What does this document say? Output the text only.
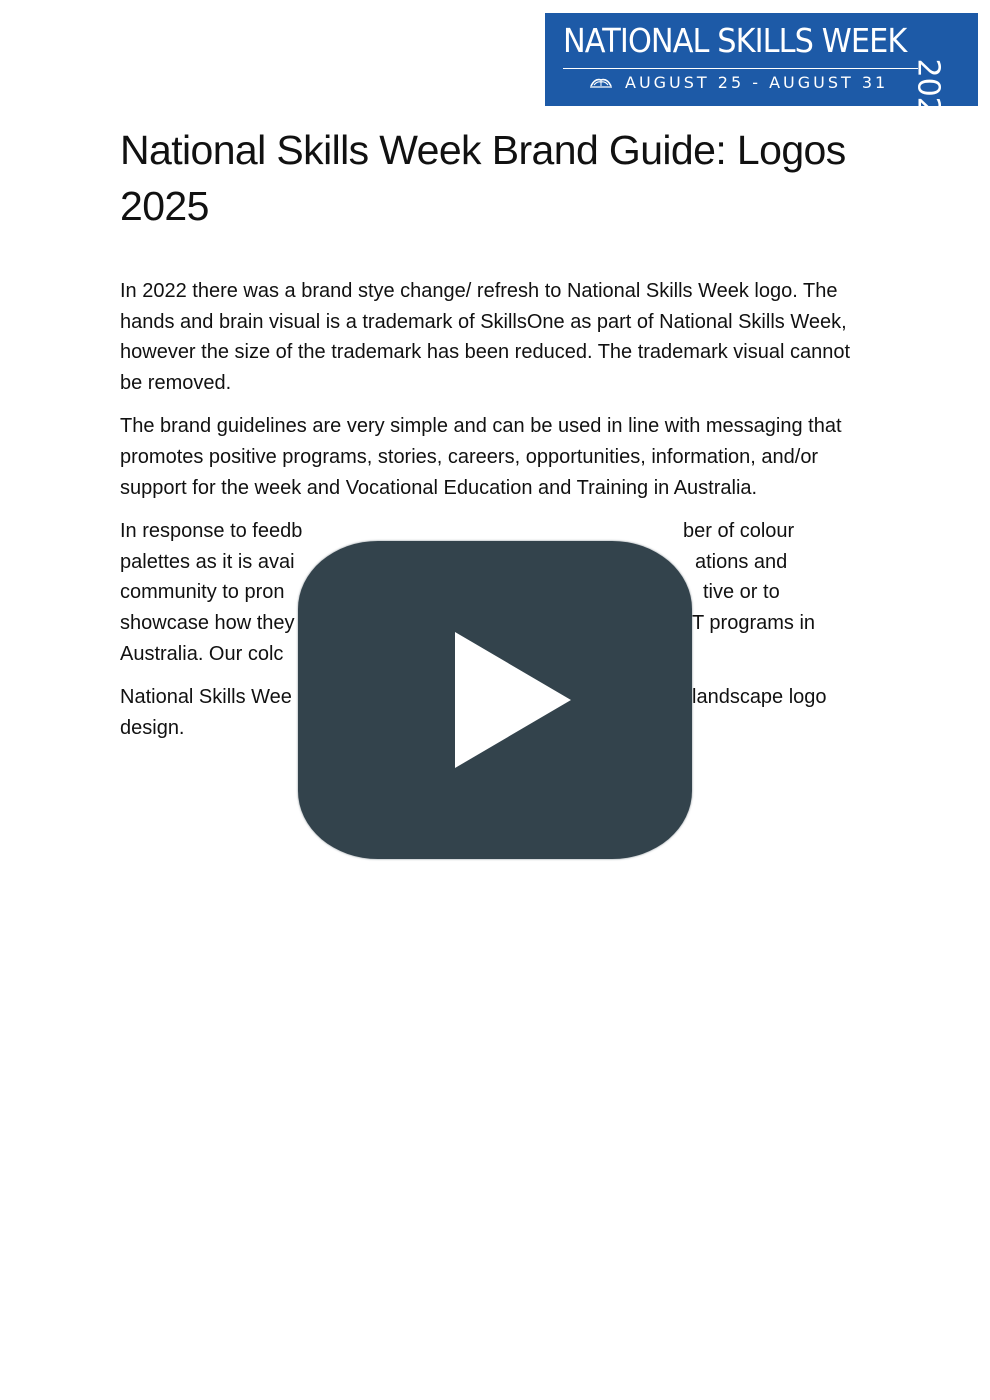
NATIONAL SKILLS WEEK
AUGUST 25 - AUGUST 31 2025
National Skills Week Brand Guide: Logos 2025

In 2022 there was a brand stye change/ refresh to National Skills Week logo. The hands and brain visual is a trademark of SkillsOne as part of National Skills Week, however the size of the trademark has been reduced. The trademark visual cannot be removed.

The brand guidelines are very simple and can be used in line with messaging that promotes positive programs, stories, careers, opportunities, information, and/or support for the week and Vocational Education and Training in Australia.

In response to feedb	ber of colour
palettes as it is avai	ations and
community to pron	tive or to
showcase how they	T programs in
Australia. Our colc
National Skills Wee	landscape logo
design.
